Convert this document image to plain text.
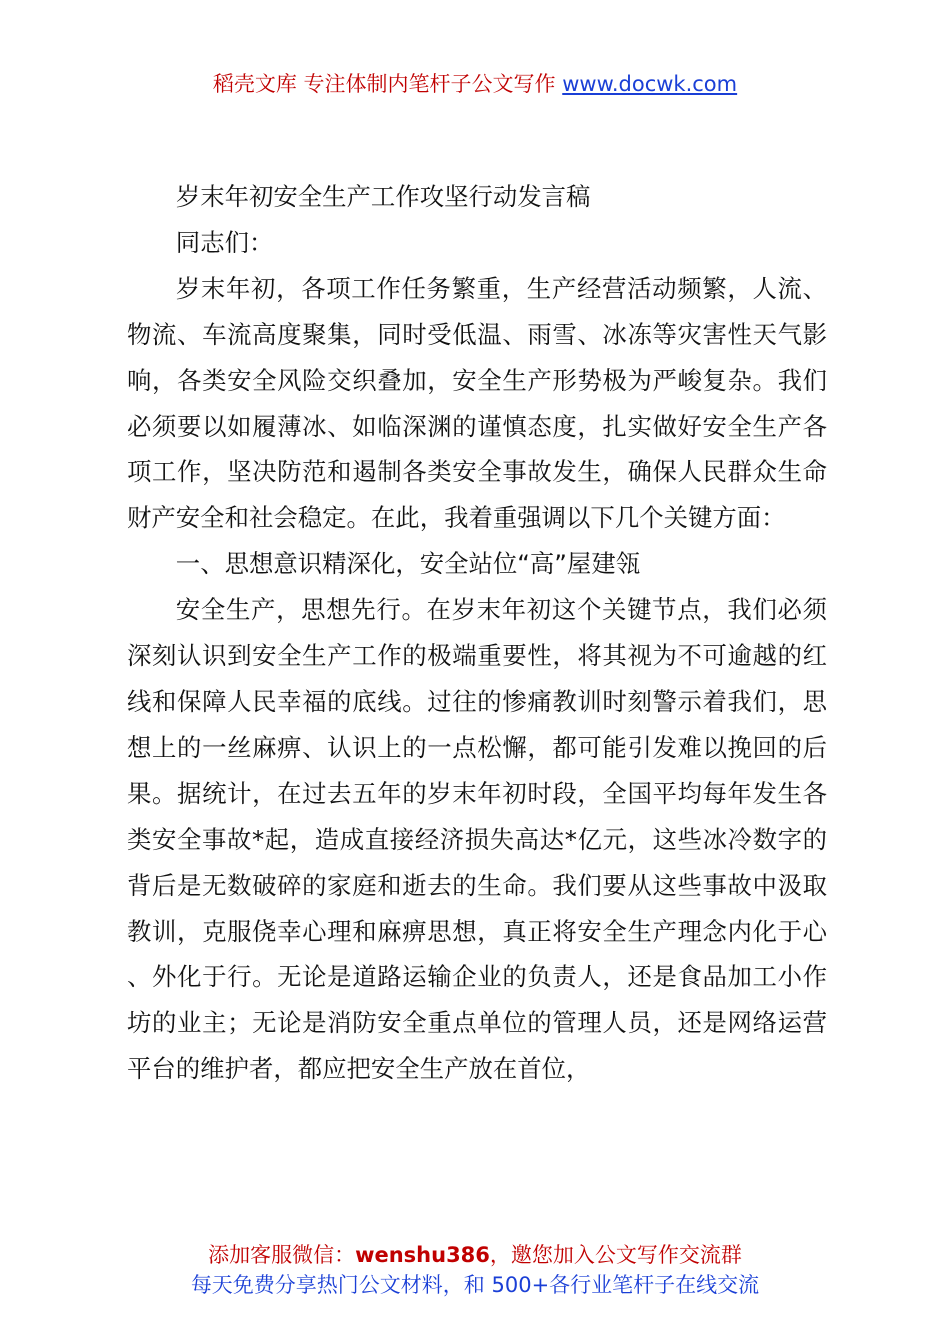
稻壳文库 专注体制内笔杆子公文写作 www.docwk.com

岁末年初安全生产工作攻坚行动发言稿

同志们：

岁末年初，各项工作任务繁重，生产经营活动频繁，人流、物流、车流高度聚集，同时受低温、雨雪、冰冻等灾害性天气影响，各类安全风险交织叠加，安全生产形势极为严峻复杂。我们必须要以如履薄冰、如临深渊的谨慎态度，扎实做好安全生产各项工作，坚决防范和遏制各类安全事故发生，确保人民群众生命财产安全和社会稳定。在此，我着重强调以下几个关键方面：

一、思想意识精深化，安全站位“高”屋建瓴

安全生产，思想先行。在岁末年初这个关键节点，我们必须深刻认识到安全生产工作的极端重要性，将其视为不可逾越的红线和保障人民幸福的底线。过往的惨痛教训时刻警示着我们，思想上的一丝麻痹、认识上的一点松懈，都可能引发难以挽回的后果。据统计，在过去五年的岁末年初时段，全国平均每年发生各类安全事故*起，造成直接经济损失高达*亿元，这些冰冷数字的背后是无数破碎的家庭和逝去的生命。我们要从这些事故中汲取教训，克服侥幸心理和麻痹思想，真正将安全生产理念内化于心、外化于行。无论是道路运输企业的负责人，还是食品加工小作坊的业主；无论是消防安全重点单位的管理人员，还是网络运营平台的维护者，都应把安全生产放在首位，

添加客服微信：wenshu386，邀您加入公文写作交流群
每天免费分享热门公文材料，和 500+各行业笔杆子在线交流
